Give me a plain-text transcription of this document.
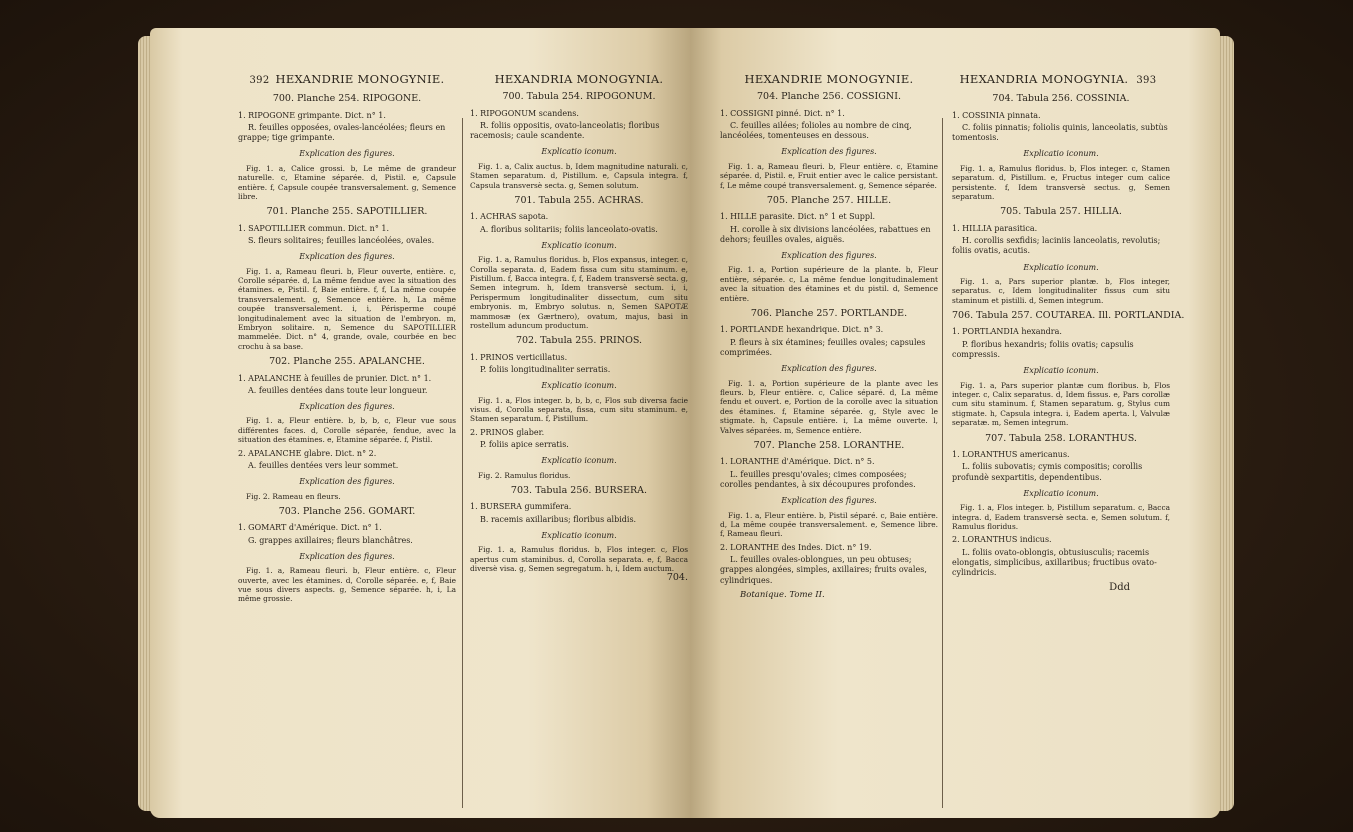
392 HEXANDRIE MONOGYNIE.
700. Planche 254. RIPOGONE.
1. RIPOGONE grimpante. Dict. n° 1.
R. feuilles opposées, ovales-lancéolées; fleurs en grappe; tige grimpante.
Explication des figures.
Fig. 1. a, Calice grossi. b, Le même de grandeur naturelle. c, Etamine séparée. d, Pistil. e, Capsule entière. f, Capsule coupée transversalement. g, Semence libre.
701. Planche 255. SAPOTILLIER.
1. SAPOTILLIER commun. Dict. n° 1.
S. fleurs solitaires; feuilles lancéolées, ovales.
Explication des figures.
Fig. 1. a, Rameau fleuri. b, Fleur ouverte, entière. c, Corolle séparée. d, La même fendue avec la situation des étamines. e, Pistil. f, Baie entière. f, f, La même coupée transversalement. g, Semence entière. h, La même coupée transversalement. i, i, Périsperme coupé longitudinalement avec la situation de l'embryon. m, Embryon solitaire. n, Semence du SAPOTILLIER mammelée. Dict. n° 4, grande, ovale, courbée en bec crochu à sa base.
702. Planche 255. APALANCHE.
1. APALANCHE à feuilles de prunier. Dict. n° 1.
A. feuilles dentées dans toute leur longueur.
Explication des figures.
Fig. 1. a, Fleur entière. b, b, b, c, Fleur vue sous différentes faces. d, Corolle séparée, fendue, avec la situation des étamines. e, Etamine séparée. f, Pistil.
2. APALANCHE glabre. Dict. n° 2.
A. feuilles dentées vers leur sommet.
Explication des figures.
Fig. 2. Rameau en fleurs.
703. Planche 256. GOMART.
1. GOMART d'Amérique. Dict. n° 1.
G. grappes axillaires; fleurs blanchâtres.
Explication des figures.
Fig. 1. a, Rameau fleuri. b, Fleur entière. c, Fleur ouverte, avec les étamines. d, Corolle séparée. e, f, Baie vue sous divers aspects. g, Semence séparée. h, i, La même grossie.
HEXANDRIA MONOGYNIA.
700. Tabula 254. RIPOGONUM.
1. RIPOGONUM scandens.
R. foliis oppositis, ovato-lanceolatis; floribus racemosis; caule scandente.
Explicatio iconum.
Fig. 1. a, Calix auctus. b, Idem magnitudine naturali. c, Stamen separatum. d, Pistillum. e, Capsula integra. f, Capsula transversè secta. g, Semen solutum.
701. Tabula 255. ACHRAS.
1. ACHRAS sapota.
A. floribus solitariis; foliis lanceolato-ovatis.
Explicatio iconum.
Fig. 1. a, Ramulus floridus. b, Flos expansus, integer. c, Corolla separata. d, Eadem fissa cum situ staminum. e, Pistillum. f, Bacca integra. f, f, Eadem transversè secta. g, Semen integrum. h, Idem transversè sectum. i, i, Perispermum longitudinaliter dissectum, cum situ embryonis. m, Embryo solutus. n, Semen SAPOTÆ mammosæ (ex Gærtnero), ovatum, majus, basi in rostellum aduncum productum.
702. Tabula 255. PRINOS.
1. PRINOS verticillatus.
P. foliis longitudinaliter serratis.
Explicatio iconum.
Fig. 1. a, Flos integer. b, b, b, c, Flos sub diversa facie visus. d, Corolla separata, fissa, cum situ staminum. e, Stamen separatum. f, Pistillum.
2. PRINOS glaber.
P. foliis apice serratis.
Explicatio iconum.
Fig. 2. Ramulus floridus.
703. Tabula 256. BURSERA.
1. BURSERA gummifera.
B. racemis axillaribus; floribus albidis.
Explicatio iconum.
Fig. 1. a, Ramulus floridus. b, Flos integer. c, Flos apertus cum staminibus. d, Corolla separata. e, f, Bacca diversè visa. g, Semen segregatum. h, i, Idem auctum.
704.
HEXANDRIE MONOGYNIE.
704. Planche 256. COSSIGNI.
1. COSSIGNI pinné. Dict. n° 1.
C. feuilles ailées; folioles au nombre de cinq, lancéolées, tomenteuses en dessous.
Explication des figures.
Fig. 1. a, Rameau fleuri. b, Fleur entière. c, Etamine séparée. d, Pistil. e, Fruit entier avec le calice persistant. f, Le même coupé transversalement. g, Semence séparée.
705. Planche 257. HILLE.
1. HILLE parasite. Dict. n° 1 et Suppl.
H. corolle à six divisions lancéolées, rabattues en dehors; feuilles ovales, aiguës.
Explication des figures.
Fig. 1. a, Portion supérieure de la plante. b, Fleur entière, séparée. c, La même fendue longitudinalement avec la situation des étamines et du pistil. d, Semence entière.
706. Planche 257. PORTLANDE.
1. PORTLANDE hexandrique. Dict. n° 3.
P. fleurs à six étamines; feuilles ovales; capsules comprimées.
Explication des figures.
Fig. 1. a, Portion supérieure de la plante avec les fleurs. b, Fleur entière. c, Calice séparé. d, La même fendu et ouvert. e, Portion de la corolle avec la situation des étamines. f, Etamine séparée. g, Style avec le stigmate. h, Capsule entière. i, La même ouverte. l, Valves séparées. m, Semence entière.
707. Planche 258. LORANTHE.
1. LORANTHE d'Amérique. Dict. n° 5.
L. feuilles presqu'ovales; cimes composées; corolles pendantes, à six découpures profondes.
Explication des figures.
Fig. 1. a, Fleur entière. b, Pistil séparé. c, Baie entière. d, La même coupée transversalement. e, Semence libre. f, Rameau fleuri.
2. LORANTHE des Indes. Dict. n° 19.
L. feuilles ovales-oblongues, un peu obtuses; grappes alongées, simples, axillaires; fruits ovales, cylindriques.
Botanique. Tome II.
HEXANDRIA MONOGYNIA. 393
704. Tabula 256. COSSINIA.
1. COSSINIA pinnata.
C. foliis pinnatis; foliolis quinis, lanceolatis, subtùs tomentosis.
Explicatio iconum.
Fig. 1. a, Ramulus floridus. b, Flos integer. c, Stamen separatum. d, Pistillum. e, Fructus integer cum calice persistente. f, Idem transversè sectus. g, Semen separatum.
705. Tabula 257. HILLIA.
1. HILLIA parasitica.
H. corollis sexfidis; laciniis lanceolatis, revolutis; foliis ovatis, acutis.
Explicatio iconum.
Fig. 1. a, Pars superior plantæ. b, Flos integer, separatus. c, Idem longitudinaliter fissus cum situ staminum et pistilli. d, Semen integrum.
706. Tabula 257. COUTAREA. Ill. PORTLANDIA.
1. PORTLANDIA hexandra.
P. floribus hexandris; foliis ovatis; capsulis compressis.
Explicatio iconum.
Fig. 1. a, Pars superior plantæ cum floribus. b, Flos integer. c, Calix separatus. d, Idem fissus. e, Pars corollæ cum situ staminum. f, Stamen separatum. g, Stylus cum stigmate. h, Capsula integra. i, Eadem aperta. l, Valvulæ separatæ. m, Semen integrum.
707. Tabula 258. LORANTHUS.
1. LORANTHUS americanus.
L. foliis subovatis; cymis compositis; corollis profundè sexpartitis, dependentibus.
Explicatio iconum.
Fig. 1. a, Flos integer. b, Pistillum separatum. c, Bacca integra. d, Eadem transversè secta. e, Semen solutum. f, Ramulus floridus.
2. LORANTHUS indicus.
L. foliis ovato-oblongis, obtusiusculis; racemis elongatis, simplicibus, axillaribus; fructibus ovato-cylindricis.
Ddd
